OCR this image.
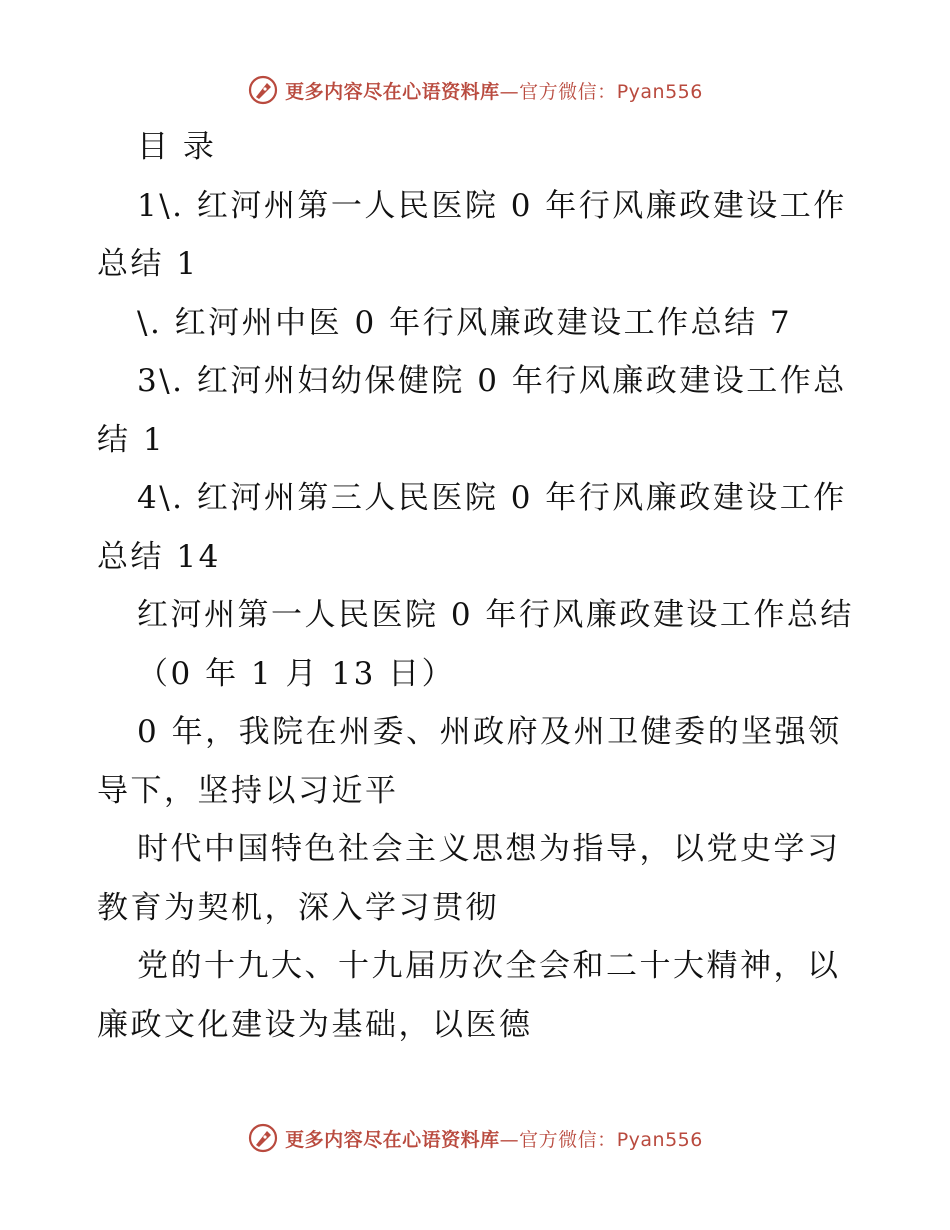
更多内容尽在心语资料库—官方微信：Pyan556
目 录
1\. 红河州第一人民医院 0 年行风廉政建设工作
总结 1
\. 红河州中医 0 年行风廉政建设工作总结 7
3\. 红河州妇幼保健院 0 年行风廉政建设工作总
结 1
4\. 红河州第三人民医院 0 年行风廉政建设工作
总结 14
红河州第一人民医院 0 年行风廉政建设工作总结
（0 年 1 月 13 日）
0 年，我院在州委、州政府及州卫健委的坚强领
导下，坚持以习近平
时代中国特色社会主义思想为指导，以党史学习
教育为契机，深入学习贯彻
党的十九大、十九届历次全会和二十大精神，以
廉政文化建设为基础，以医德
更多内容尽在心语资料库—官方微信：Pyan556
